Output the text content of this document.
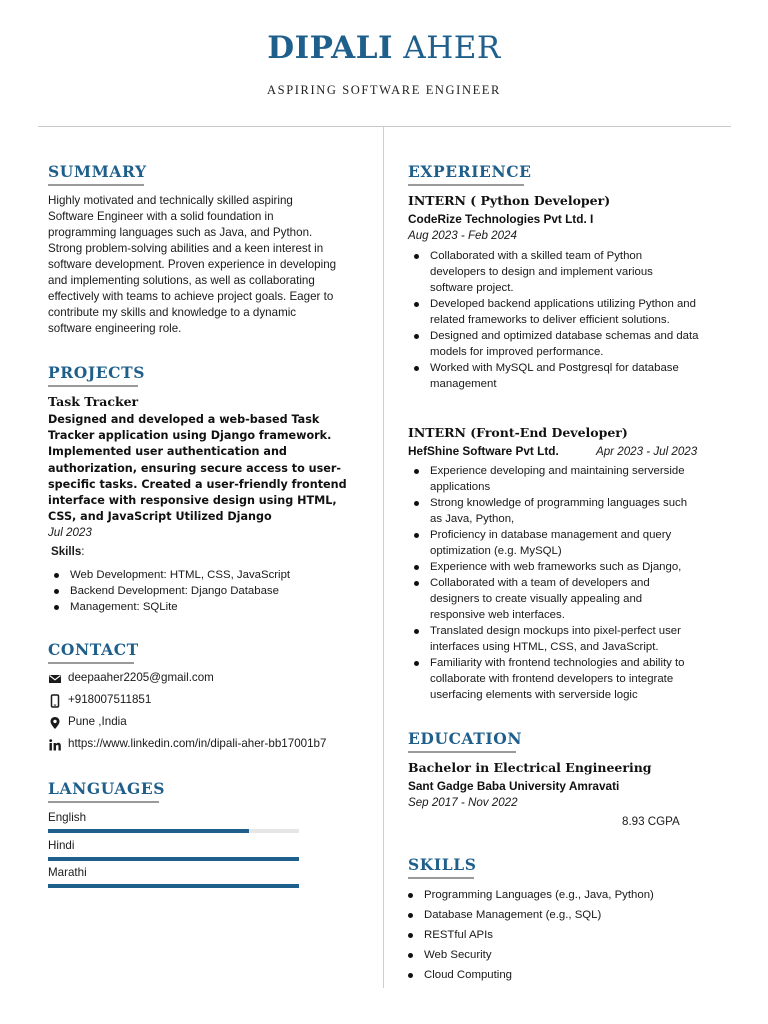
DIPALI AHER
ASPIRING SOFTWARE ENGINEER
SUMMARY
Highly motivated and technically skilled aspiring
Software Engineer with a solid foundation in
programming languages such as Java, and Python.
Strong problem-solving abilities and a keen interest in
software development. Proven experience in developing
and implementing solutions, as well as collaborating
effectively with teams to achieve project goals. Eager to
contribute my skills and knowledge to a dynamic
software engineering role.
PROJECTS
Task Tracker
Designed and developed a web-based Task
Tracker application using Django framework.
Implemented user authentication and
authorization, ensuring secure access to user-
specific tasks. Created a user-friendly frontend
interface with responsive design using HTML,
CSS, and JavaScript Utilized Django
Jul 2023
Skills:
Web Development: HTML, CSS, JavaScript
Backend Development: Django Database
Management: SQLite
CONTACT
deepaaher2205@gmail.com
+918007511851
Pune ,India
https://www.linkedin.com/in/dipali-aher-bb17001b7
LANGUAGES
English
Hindi
Marathi
EXPERIENCE
INTERN ( Python Developer)
CodeRize Technologies Pvt Ltd. I
Aug 2023 - Feb 2024
Collaborated with a skilled team of Python
developers to design and implement various
software project.
Developed backend applications utilizing Python and
related frameworks to deliver efficient solutions.
Designed and optimized database schemas and data
models for improved performance.
Worked with MySQL and Postgresql for database
management
INTERN (Front-End Developer)
HefShine Software Pvt Ltd.	Apr 2023 - Jul 2023
Experience developing and maintaining serverside
applications
Strong knowledge of programming languages such
as Java, Python,
Proficiency in database management and query
optimization (e.g. MySQL)
Experience with web frameworks such as Django,
Collaborated with a team of developers and
designers to create visually appealing and
responsive web interfaces.
Translated design mockups into pixel-perfect user
interfaces using HTML, CSS, and JavaScript.
Familiarity with frontend technologies and ability to
collaborate with frontend developers to integrate
userfacing elements with serverside logic
EDUCATION
Bachelor in Electrical Engineering
Sant Gadge Baba University Amravati
Sep 2017 - Nov 2022
8.93 CGPA
SKILLS
Programming Languages (e.g., Java, Python)
Database Management (e.g., SQL)
RESTful APIs
Web Security
Cloud Computing
